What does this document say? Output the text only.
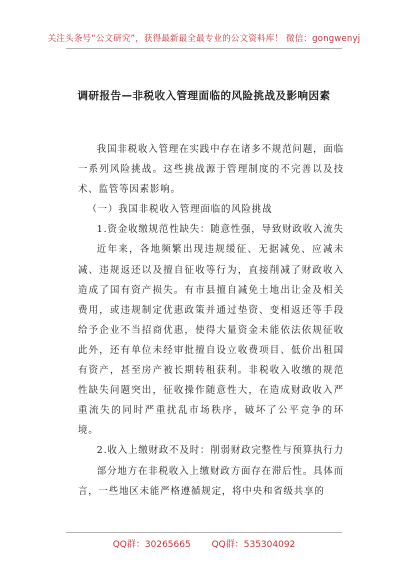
关注头条号“公文研究”，获得最新最全最专业的公文资料库！ 微信：gongwenyj
调研报告—非税收入管理面临的风险挑战及影响因素

我国非税收入管理在实践中存在诸多不规范问题，面临一系列风险挑战。这些挑战源于管理制度的不完善以及技术、监管等因素影响。

（一）我国非税收入管理面临的风险挑战

1.资金收缴规范性缺失：随意性强，导致财政收入流失

近年来，各地频繁出现违规缓征、无据减免、应减未减、违规返还以及擅自征收等行为，直接削减了财政收入造成了国有资产损失。有市县擅自减免土地出让金及相关费用，或违规制定优惠政策并通过垫资、变相返还等手段给予企业不当招商优惠，使得大量资金未能依法依规征收此外，还有单位未经审批擅自设立收费项目、低价出租国有资产，甚至房产被长期转租获利。非税收入收缴的规范性缺失问题突出，征收操作随意性大，在造成财政收入严重流失的同时严重扰乱市场秩序，破坏了公平竞争的环境。

2.收入上缴财政不及时：削弱财政完整性与预算执行力

部分地方在非税收入上缴财政方面存在滞后性。具体而言，一些地区未能严格遵循规定，将中央和省级共享的

QQ群：30265665 QQ群：535304092
